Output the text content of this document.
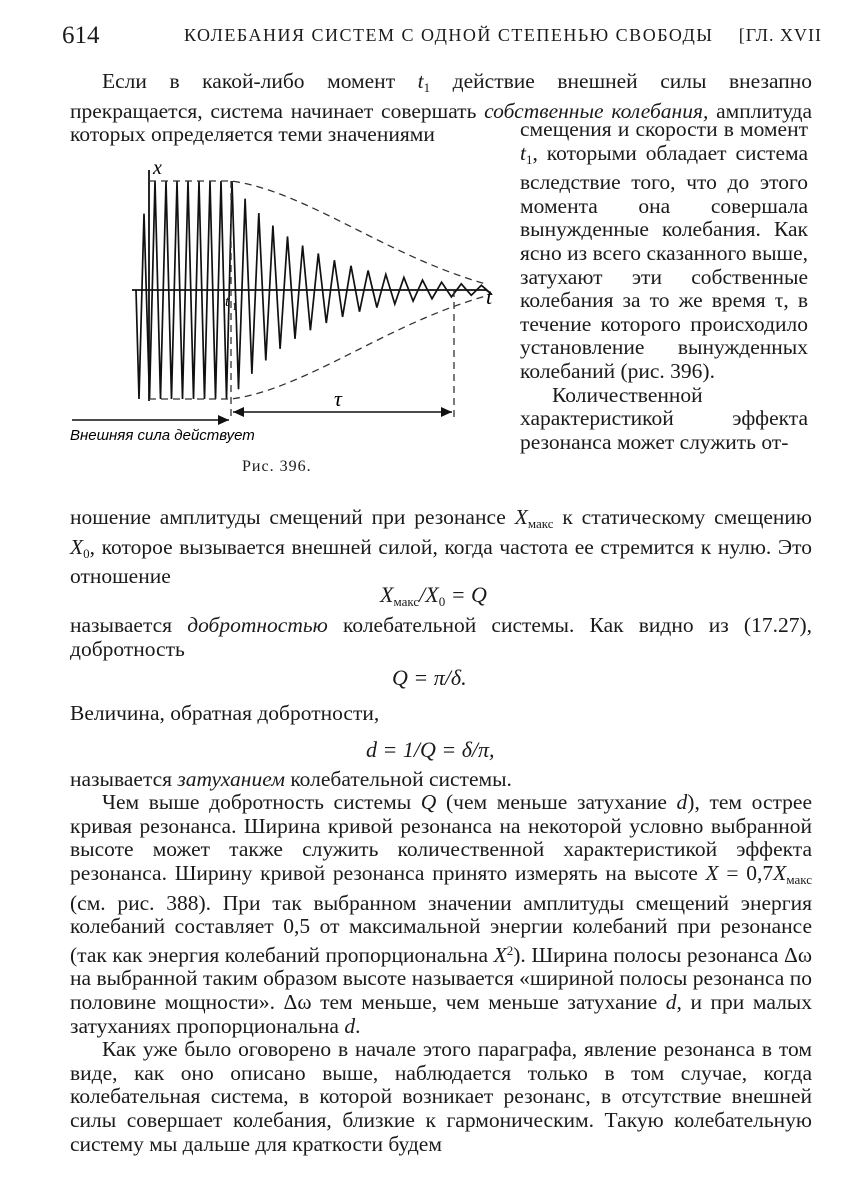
614	КОЛЕБАНИЯ СИСТЕМ С ОДНОЙ СТЕПЕНЬЮ СВОБОДЫ [ГЛ. XVII

Если в какой-либо момент $t_1$ действие внешней силы внезапно прекращается, система начинает совершать собственные колебания, амплитуда которых определяется теми значениями	смещения и скорости в момент $t_1$, которыми обладает система вследствие того, что до этого момента она совершала вынужденные колебания. Как ясно из всего сказанного выше, затухают эти собственные колебания за то же время τ, в течение которого происходило установление вынужденных колебаний (рис. 396).

Количественной характеристикой эффекта резонанса может служить от-

x
t
t 1
τ
Внешняя сила действует
Рис. 396.

ношение амплитуды смещений при резонансе $X_{макс}$ к статическому смещению $X_0$, которое вызывается внешней силой, когда частота ее стремится к нулю. Это отношение

$X_{макс}/X_0 = Q$

называется добротностью колебательной системы. Как видно из (17.27), добротность

Q = π/δ.

Величина, обратная добротности,

называется затуханием колебательной системы.

Чем выше добротность системы Q (чем меньше затухание d), тем острее кривая резонанса. Ширина кривой резонанса на некоторой условно выбранной высоте может также служить количественной характеристикой эффекта резонанса. Ширину кривой резонанса принято измерять на высоте $X = 0,7X_{макс}$ (см. рис. 388). При так выбранном значении амплитуды смещений энергия колебаний составляет 0,5 от максимальной энергии колебаний при резонансе (так как энергия колебаний пропорциональна $X^2$). Ширина полосы резонанса Δω на выбранной таким образом высоте называется «шириной полосы резонанса по половине мощности». Δω тем меньше, чем меньше затухание d, и при малых затуханиях пропорциональна d.

Как уже было оговорено в начале этого параграфа, явление резонанса в том виде, как оно описано выше, наблюдается только в том случае, когда колебательная система, в которой возникает резонанс, в отсутствие внешней силы совершает колебания, близкие к гармоническим. Такую колебательную систему мы дальше для краткости будем

d = 1/Q = δ/π,
